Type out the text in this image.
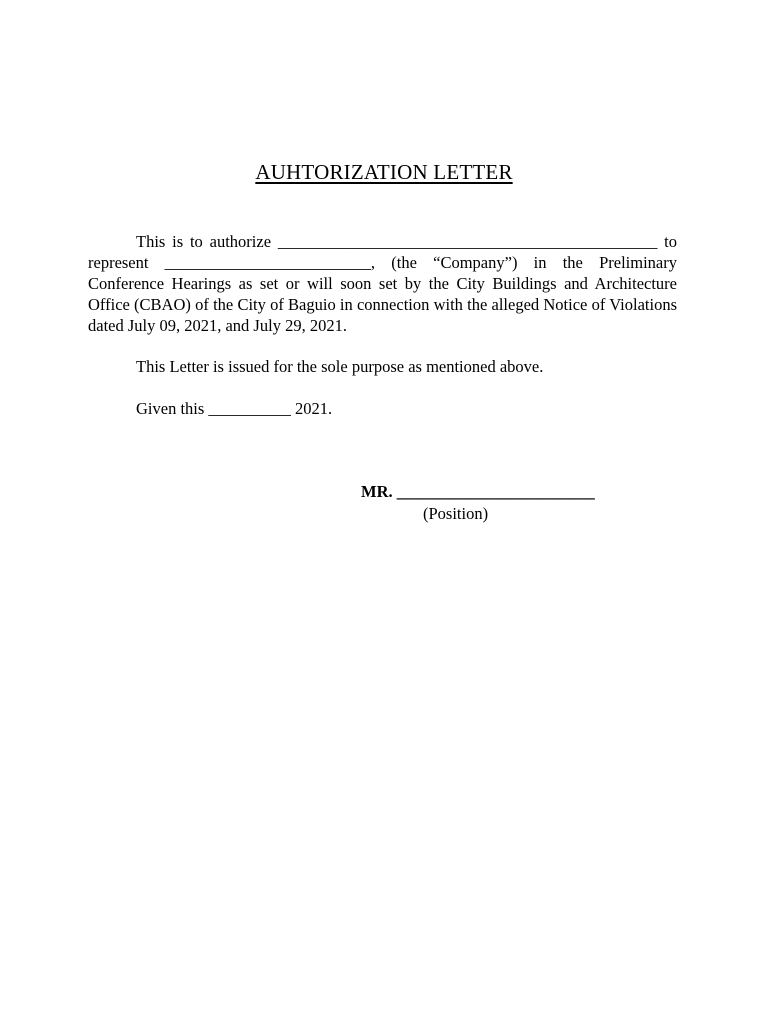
AUHTORIZATION LETTER

This is to authorize ______________________________________________ to represent _________________________, (the “Company”) in the Preliminary Conference Hearings as set or will soon set by the City Buildings and Architecture Office (CBAO) of the City of Baguio in connection with the alleged Notice of Violations dated July 09, 2021, and July 29, 2021.

This Letter is issued for the sole purpose as mentioned above.

Given this __________ 2021.

MR. ________________________
(Position)
